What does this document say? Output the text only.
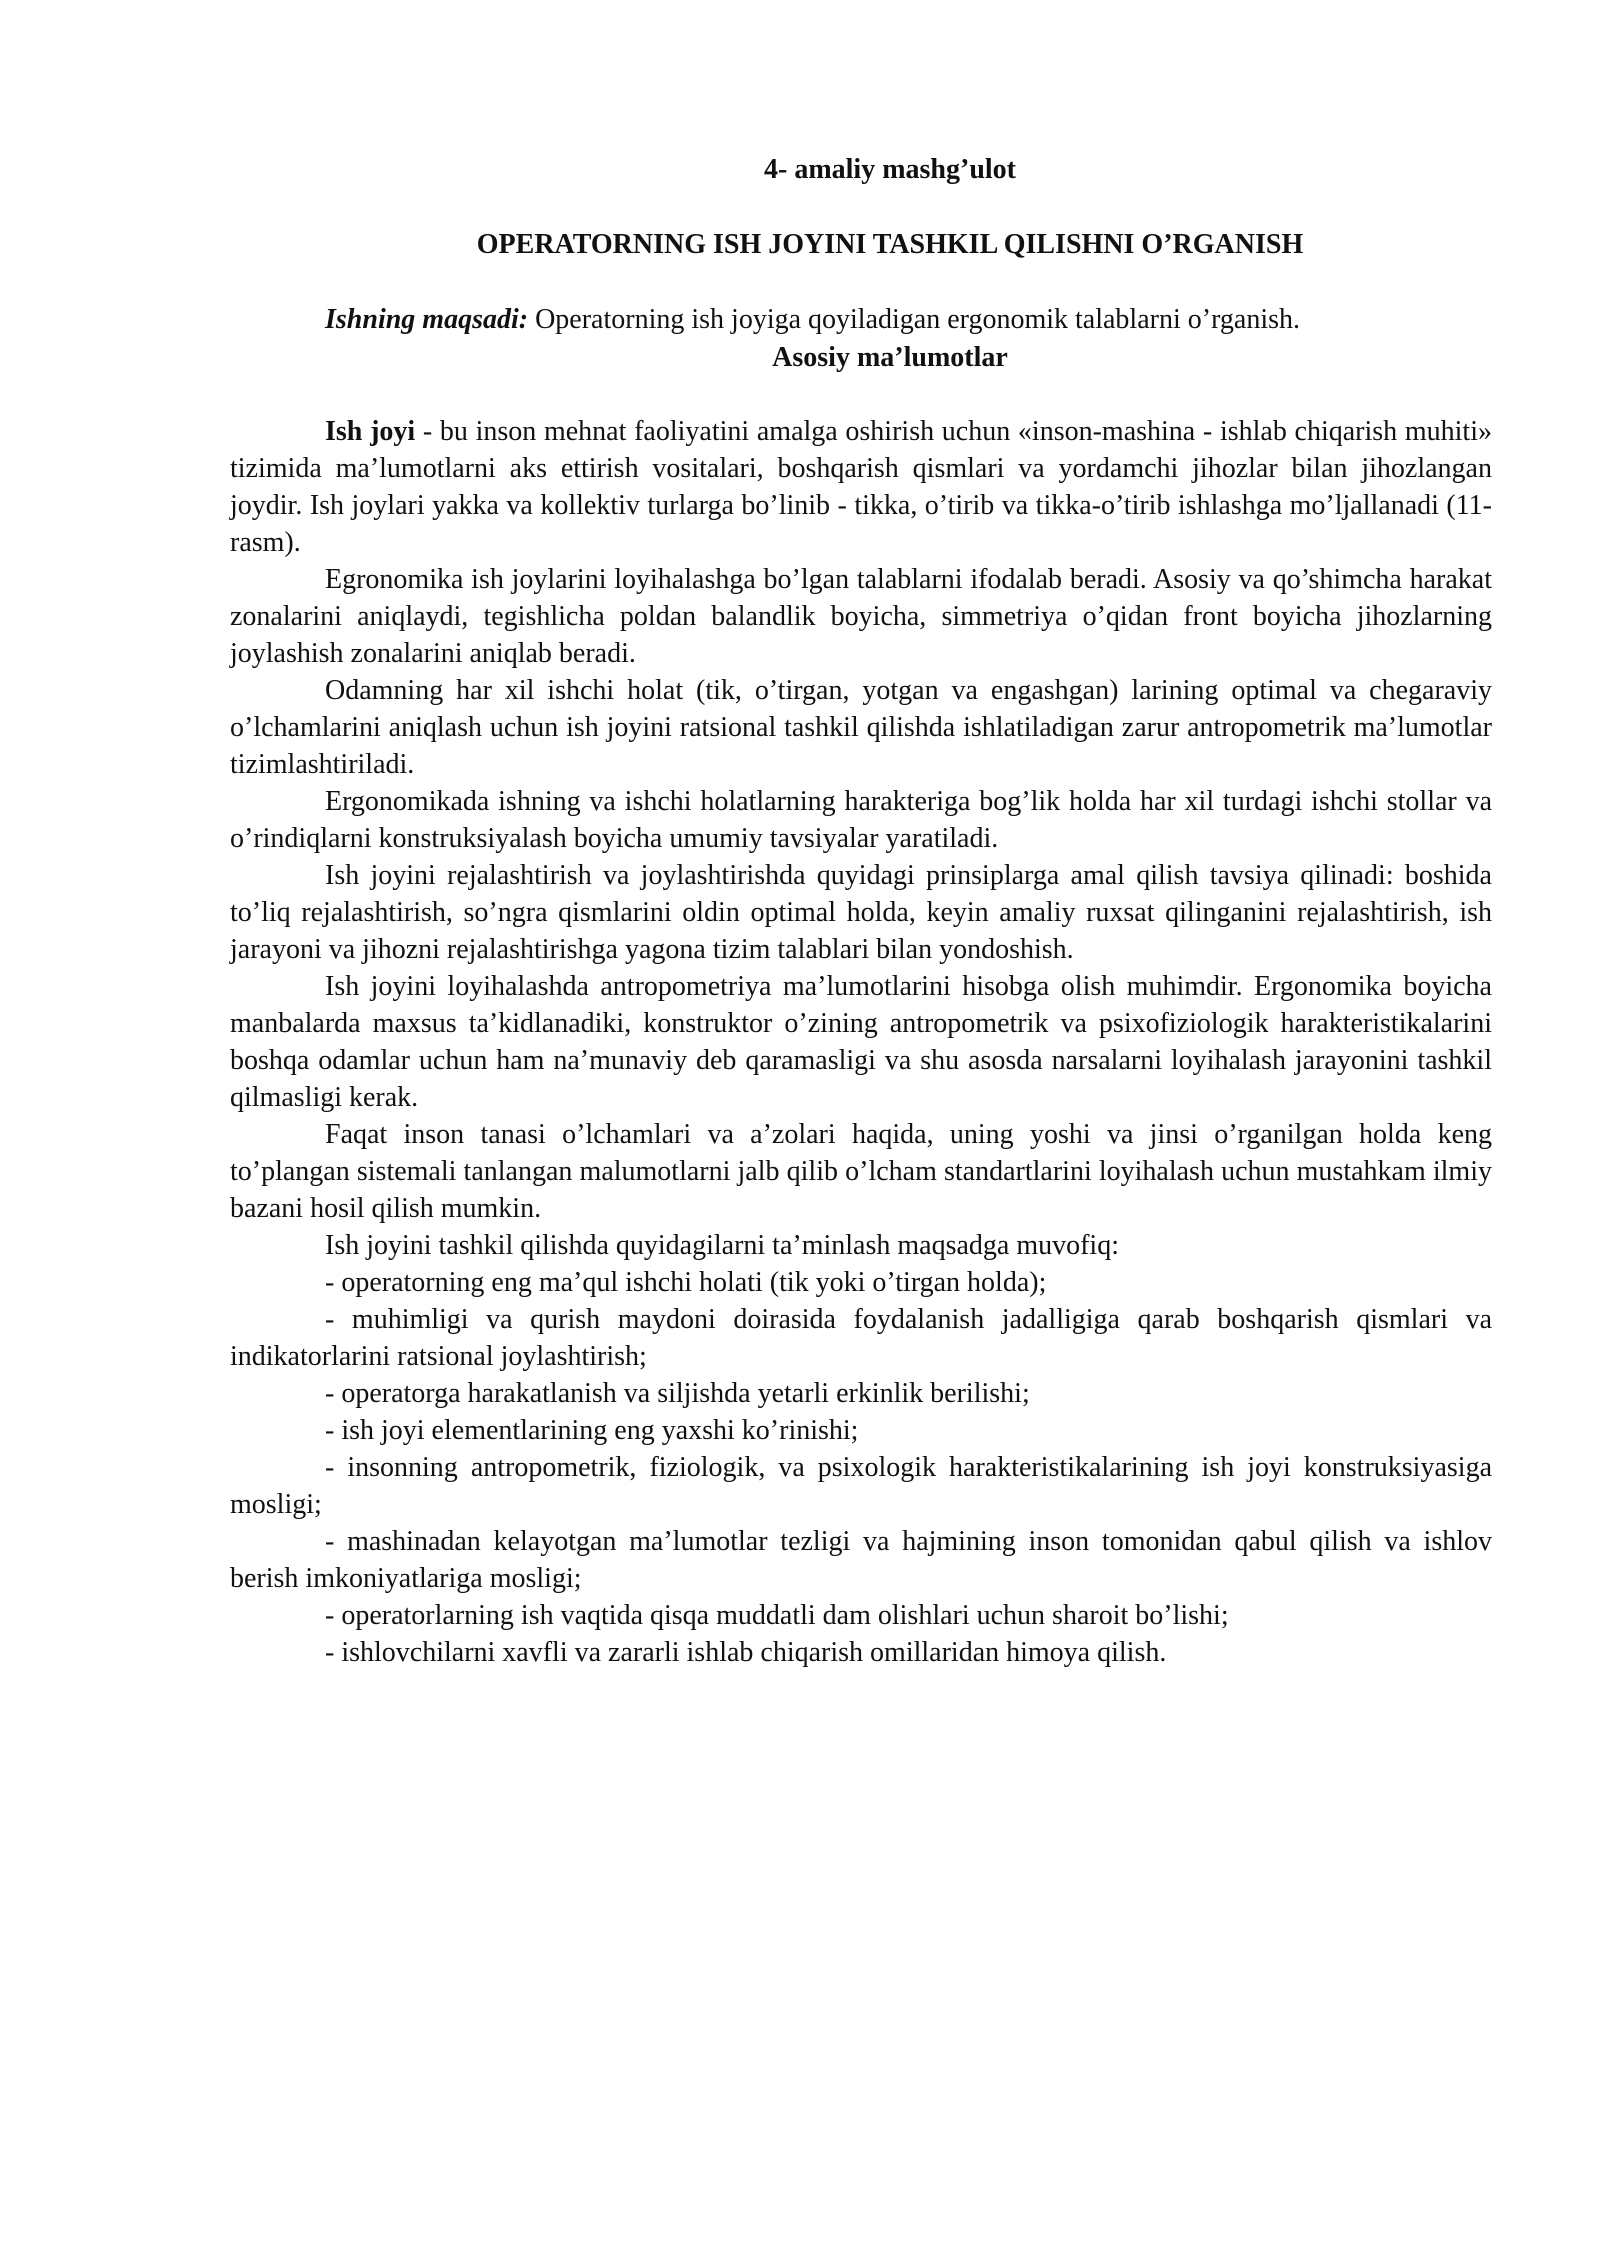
4- amaliy mashg’ulot
OPERATORNING ISH JOYINI TASHKIL QILISHNI O’RGANISH
Ishning maqsadi: Operatorning ish joyiga qoyiladigan ergonomik talablarni o’rganish.
Asosiy ma’lumotlar

Ish joyi - bu inson mehnat faoliyatini amalga oshirish uchun «inson-mashina - ishlab chiqarish muhiti» tizimida ma’lumotlarni aks ettirish vositalari, boshqarish qismlari va yordamchi jihozlar bilan jihozlangan joydir. Ish joylari yakka va kollektiv turlarga bo’linib - tikka, o’tirib va tikka-o’tirib ishlashga mo’ljallanadi (11-rasm).

Egronomika ish joylarini loyihalashga bo’lgan talablarni ifodalab beradi. Asosiy va qo’shimcha harakat zonalarini aniqlaydi, tegishlicha poldan balandlik boyicha, simmetriya o’qidan front boyicha jihozlarning joylashish zonalarini aniqlab beradi.

Odamning har xil ishchi holat (tik, o’tirgan, yotgan va engashgan) larining optimal va chegaraviy o’lchamlarini aniqlash uchun ish joyini ratsional tashkil qilishda ishlatiladigan zarur antropometrik ma’lumotlar tizimlashtiriladi.

Ergonomikada ishning va ishchi holatlarning harakteriga bog’lik holda har xil turdagi ishchi stollar va o’rindiqlarni konstruksiyalash boyicha umumiy tavsiyalar yaratiladi.

Ish joyini rejalashtirish va joylashtirishda quyidagi prinsiplarga amal qilish tavsiya qilinadi: boshida to’liq rejalashtirish, so’ngra qismlarini oldin optimal holda, keyin amaliy ruxsat qilinganini rejalashtirish, ish jarayoni va jihozni rejalashtirishga yagona tizim talablari bilan yondoshish.

Ish joyini loyihalashda antropometriya ma’lumotlarini hisobga olish muhimdir. Ergonomika boyicha manbalarda maxsus ta’kidlanadiki, konstruktor o’zining antropometrik va psixofiziologik harakteristikalarini boshqa odamlar uchun ham na’munaviy deb qaramasligi va shu asosda narsalarni loyihalash jarayonini tashkil qilmasligi kerak.

Faqat inson tanasi o’lchamlari va a’zolari haqida, uning yoshi va jinsi o’rganilgan holda keng to’plangan sistemali tanlangan malumotlarni jalb qilib o’lcham standartlarini loyihalash uchun mustahkam ilmiy bazani hosil qilish mumkin.

Ish joyini tashkil qilishda quyidagilarni ta’minlash maqsadga muvofiq:

- operatorning eng ma’qul ishchi holati (tik yoki o’tirgan holda);
- muhimligi va qurish maydoni doirasida foydalanish jadalligiga qarab boshqarish qismlari va indikatorlarini ratsional joylashtirish;
- operatorga harakatlanish va siljishda yetarli erkinlik berilishi;
- ish joyi elementlarining eng yaxshi ko’rinishi;
- insonning antropometrik, fiziologik, va psixologik harakteristikalarining ish joyi konstruksiyasiga mosligi;
- mashinadan kelayotgan ma’lumotlar tezligi va hajmining inson tomonidan qabul qilish va ishlov berish imkoniyatlariga mosligi;
- operatorlarning ish vaqtida qisqa muddatli dam olishlari uchun sharoit bo’lishi;
- ishlovchilarni xavfli va zararli ishlab chiqarish omillaridan himoya qilish.
